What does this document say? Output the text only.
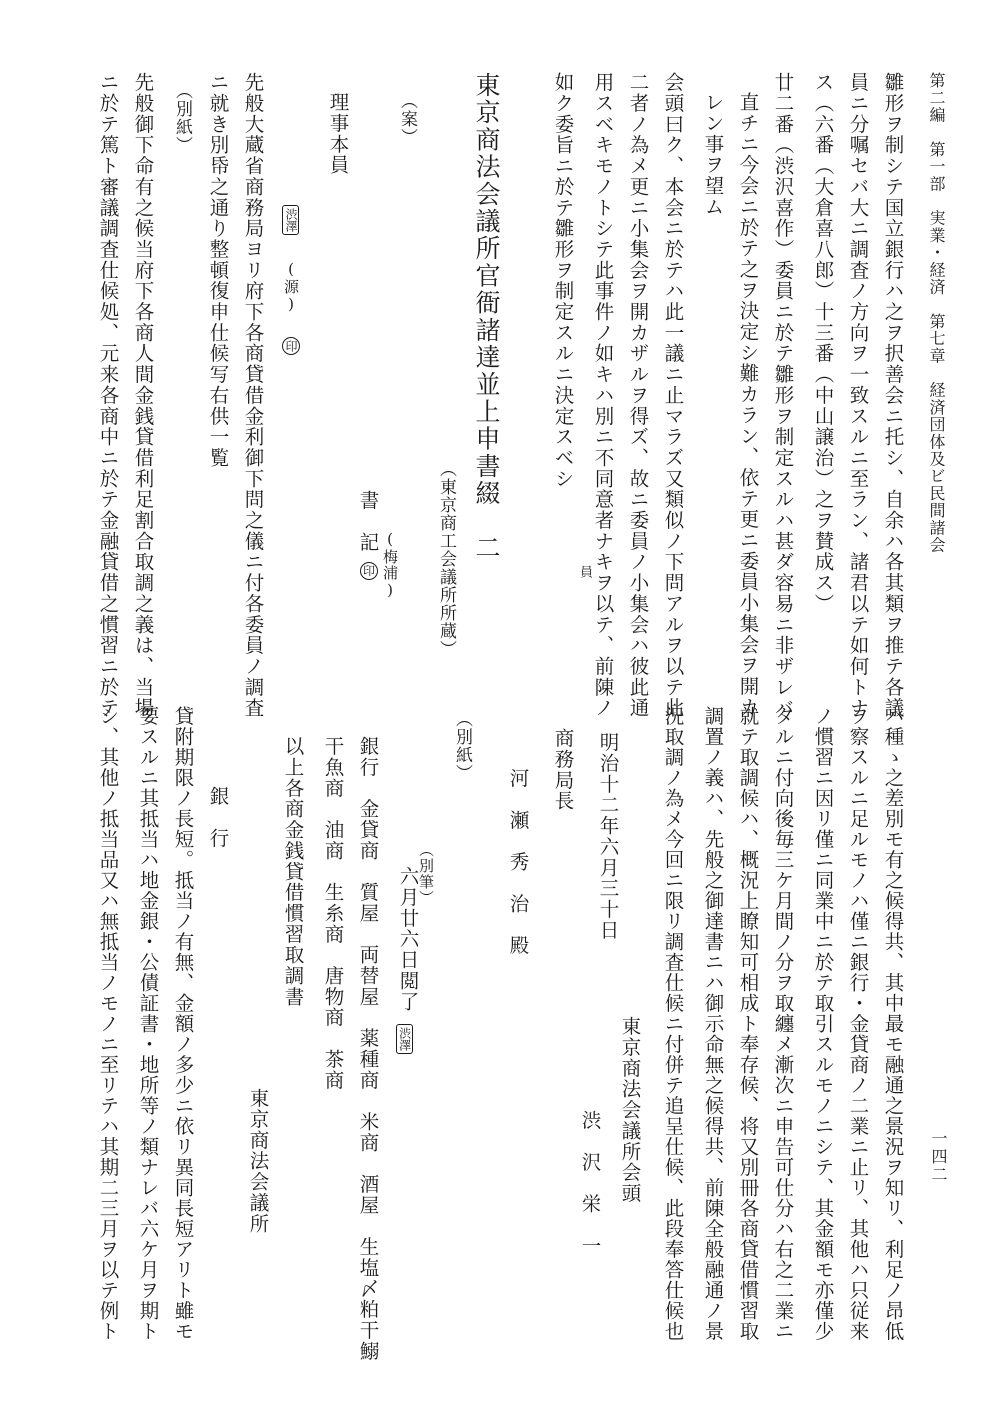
第二編　第一部　実業・経済　第七章　経済団体及ビ民間諸会
一四二
雛形ヲ制シテ国立銀行ハ之ヲ択善会ニ托シ、自余ハ各其類ヲ推テ各議
員ニ分嘱セバ大ニ調査ノ方向ヲ一致スルニ至ラン、諸君以テ如何トナ
ス（六番（大倉喜八郎）十三番（中山譲治）之ヲ賛成ス）
廿二番（渋沢喜作）委員ニ於テ雛形ヲ制定スルハ甚ダ容易ニ非ザレバ
直チニ今会ニ於テ之ヲ決定シ難カラン、依テ更ニ委員小集会ヲ開カ
レン事ヲ望ム
会頭曰ク、本会ニ於テハ此一議ニ止マラズ又類似ノ下問アルヲ以テ此
二者ノ為メ更ニ小集会ヲ開カザルヲ得ズ、故ニ委員ノ小集会ハ彼此通
用スベキモノトシテ此事件ノ如キハ別ニ不同意者ナキヲ以テ、前陳ノ
員
如ク委旨ニ於テ雛形ヲ制定スルニ決定スベシ
東京商法会議所官衙諸達並上申書綴　二
（東京商工会議所所蔵）
（案）
理事本員
渋澤 (源) 印
書　記
(梅浦)
印
先般大蔵省商務局ヨリ府下各商貸借金利御下問之儀ニ付各委員ノ調査
ニ就き別帋之通り整頓復申仕候写右供一覧
（別紙）
先般御下命有之候当府下各商人間金銭貸借利足割合取調之義は、当場
ニ於テ篤ト審議調査仕候処、元来各商中ニ於テ金融貸借之慣習ニ於テ
ハ種ゝ之差別モ有之候得共、其中最モ融通之景況ヲ知リ、利足ノ昂低
ヲ察スルニ足ルモノハ僅ニ銀行・金貸商ノ二業ニ止リ、其他ハ只従来
ノ慣習ニ因リ僅ニ同業中ニ於テ取引スルモノニシテ、其金額モ亦僅少
タルニ付向後毎三ケ月間ノ分ヲ取纏メ漸次ニ申告可仕分ハ右之二業ニ
就テ取調候ハ、概況上瞭知可相成ト奉存候、将又別冊各商貸借慣習取
調置ノ義ハ、先般之御達書ニハ御示命無之候得共、前陳全般融通ノ景
況取調ノ為メ今回ニ限リ調査仕候ニ付併テ追呈仕候、此段奉答仕候也
明治十二年六月三十日
東京商法会議所会頭
渋　沢　栄　一
商務局長
河　瀬　秀　治　殿
（別紙）
（別筆）
六月廿六日閲了
渋澤
銀行　金貸商　質屋　両替屋　薬種商　米商　酒屋　生塩〆粕干鰯
干魚商　油商　生糸商　唐物商　茶商
以上各商金銭貸借慣習取調書
東京商法会議所
銀　行
貸附期限ノ長短。抵当ノ有無、金額ノ多少ニ依リ異同長短アリト雖モ
要スルニ其抵当ハ地金銀・公債証書・地所等ノ類ナレバ六ケ月ヲ期ト
シ、其他ノ抵当品又ハ無抵当ノモノニ至リテハ其期二三月ヲ以テ例ト
